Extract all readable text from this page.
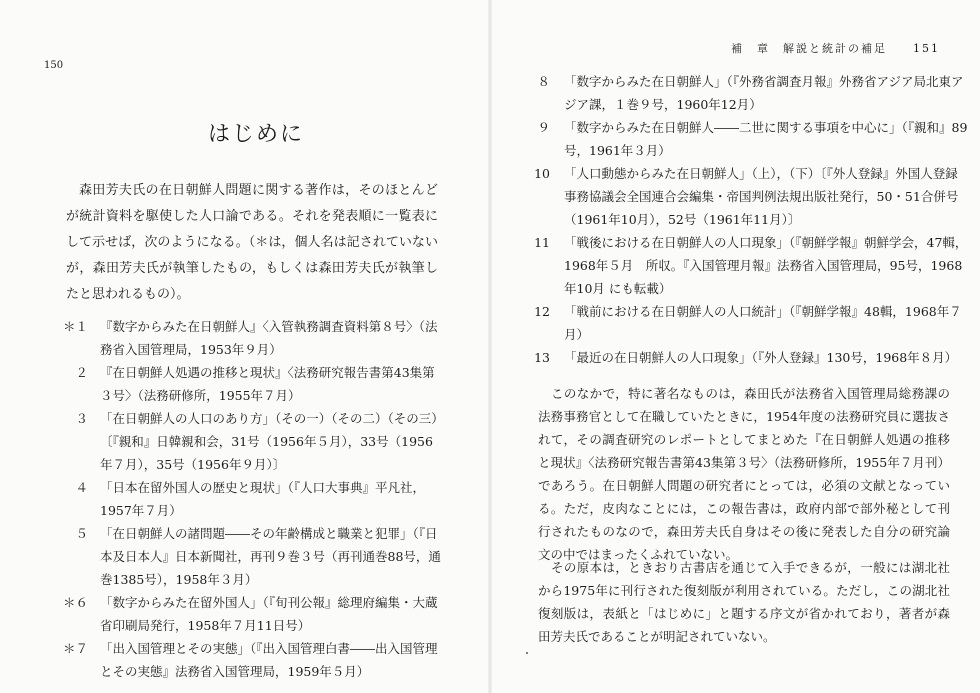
150
はじめに

森田芳夫氏の在日朝鮮人問題に関する著作は，そのほとんどが統計資料を駆使した人口論である。それを発表順に一覧表にして示せば，次のようになる。（＊は，個人名は記されていないが，森田芳夫氏が執筆したもの，もしくは森田芳夫氏が執筆したと思われるもの）。

＊１ 『数字からみた在日朝鮮人』〈入管執務調査資料第８号〉（法務省入国管理局，1953年９月）
２ 『在日朝鮮人処遇の推移と現状』〈法務研究報告書第43集第３号〉（法務研修所，1955年７月）
３ 「在日朝鮮人の人口のあり方」（その一）（その二）（その三）〔『親和』日韓親和会，31号（1956年５月），33号（1956年７月），35号（1956年９月）〕
４ 「日本在留外国人の歴史と現状」（『人口大事典』平凡社，1957年７月）
５ 「在日朝鮮人の諸問題――その年齢構成と職業と犯罪」（『日本及日本人』日本新聞社，再刊９巻３号（再刊通巻88号，通巻1385号），1958年３月）
＊６ 「数字からみた在留外国人」（『旬刊公報』総理府編集・大蔵省印刷局発行，1958年７月11日号）
＊７ 「出入国管理とその実態」（『出入国管理白書――出入国管理とその実態』法務省入国管理局，1959年５月）
補　章　解説と統計の補足　　151
８ 「数字からみた在日朝鮮人」（『外務省調査月報』外務省アジア局北東アジア課，１巻９号，1960年12月）
９ 「数字からみた在日朝鮮人――二世に関する事項を中心に」（『親和』89号，1961年３月）
10 「人口動態からみた在日朝鮮人」（上），（下）〔『外人登録』外国人登録事務協議会全国連合会編集・帝国判例法規出版社発行，50・51合併号（1961年10月），52号（1961年11月）〕
11 「戦後における在日朝鮮人の人口現象」（『朝鮮学報』朝鮮学会，47輯，1968年５月　所収。『入国管理月報』法務省入国管理局，95号，1968年10月 にも転載）
12 「戦前における在日朝鮮人の人口統計」（『朝鮮学報』48輯，1968年７月）
13 「最近の在日朝鮮人の人口現象」（『外人登録』130号，1968年８月）

このなかで，特に著名なものは，森田氏が法務省入国管理局総務課の法務事務官として在職していたときに，1954年度の法務研究員に選抜されて，その調査研究のレポートとしてまとめた『在日朝鮮人処遇の推移と現状』〈法務研究報告書第43集第３号〉（法務研修所，1955年７月刊）であろう。在日朝鮮人問題の研究者にとっては，必須の文献となっている。ただ，皮肉なことには，この報告書は，政府内部で部外秘として刊行されたものなので，森田芳夫氏自身はその後に発表した自分の研究論文の中ではまったくふれていない。

その原本は，ときおり古書店を通じて入手できるが，一般には湖北社から1975年に刊行された復刻版が利用されている。ただし，この湖北社復刻版は，表紙と「はじめに」と題する序文が省かれており，著者が森田芳夫氏であることが明記されていない。
